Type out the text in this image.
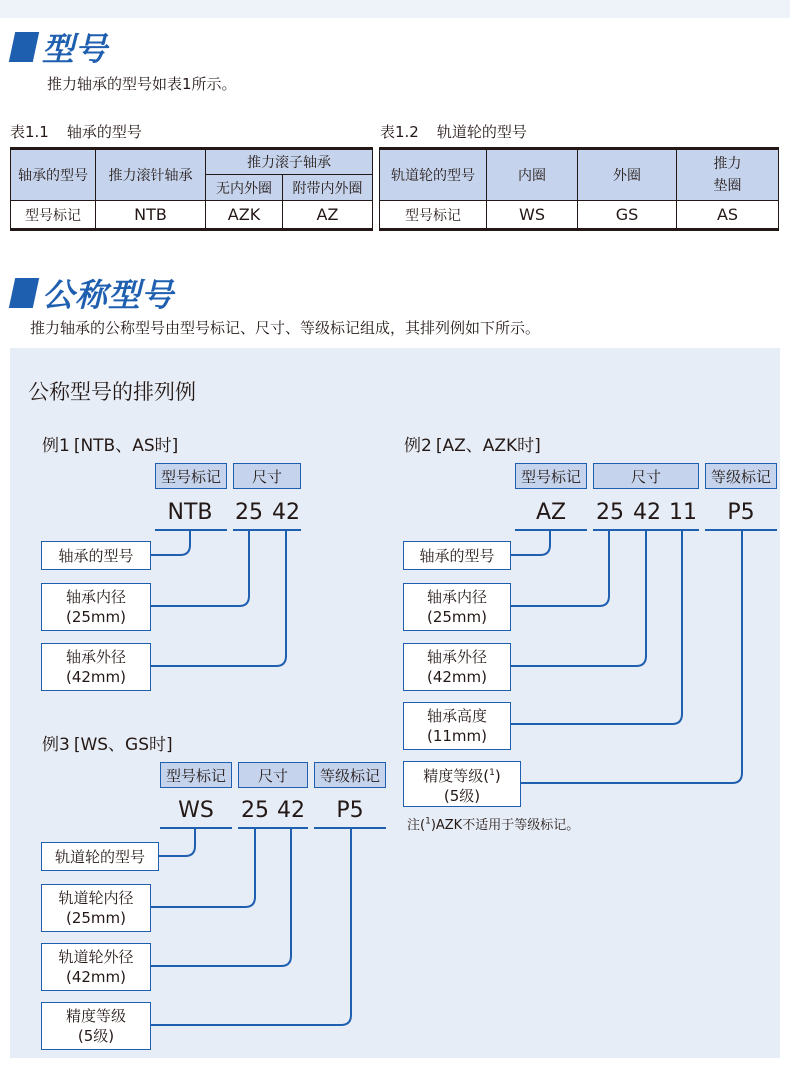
型号
推力轴承的型号如表1所示。
表1.1 轴承的型号
轴承的型号	推力滚针轴承	推力滚子轴承	
		无内外圈	附带内外圈
型号标记	NTB	AZK	AZ
表1.2 轨道轮的型号
轨道轮的型号	内圈	外圈	推力
垫圈
型号标记	WS	GS	AS
公称型号
推力轴承的公称型号由型号标记、尺寸、等级标记组成，其排列例如下所示。
公称型号的排列例
例1 [NTB、AS时]
型号标记	尺寸
NTB	25 42
轴承的型号
轴承内径
(25mm)
轴承外径
(42mm)
例2 [AZ、AZK时]
型号标记	尺寸	等级标记
AZ	25 42 11	P5
轴承的型号
轴承内径
(25mm)
轴承外径
(42mm)
轴承高度
(11mm)
精度等级($^1$)
(5级)
注($^1$)AZK不适用于等级标记。
例3 [WS、GS时]
型号标记	尺寸	等级标记
WS	25 42	P5
轨道轮的型号
轨道轮内径
(25mm)
轨道轮外径
(42mm)
精度等级
(5级)
